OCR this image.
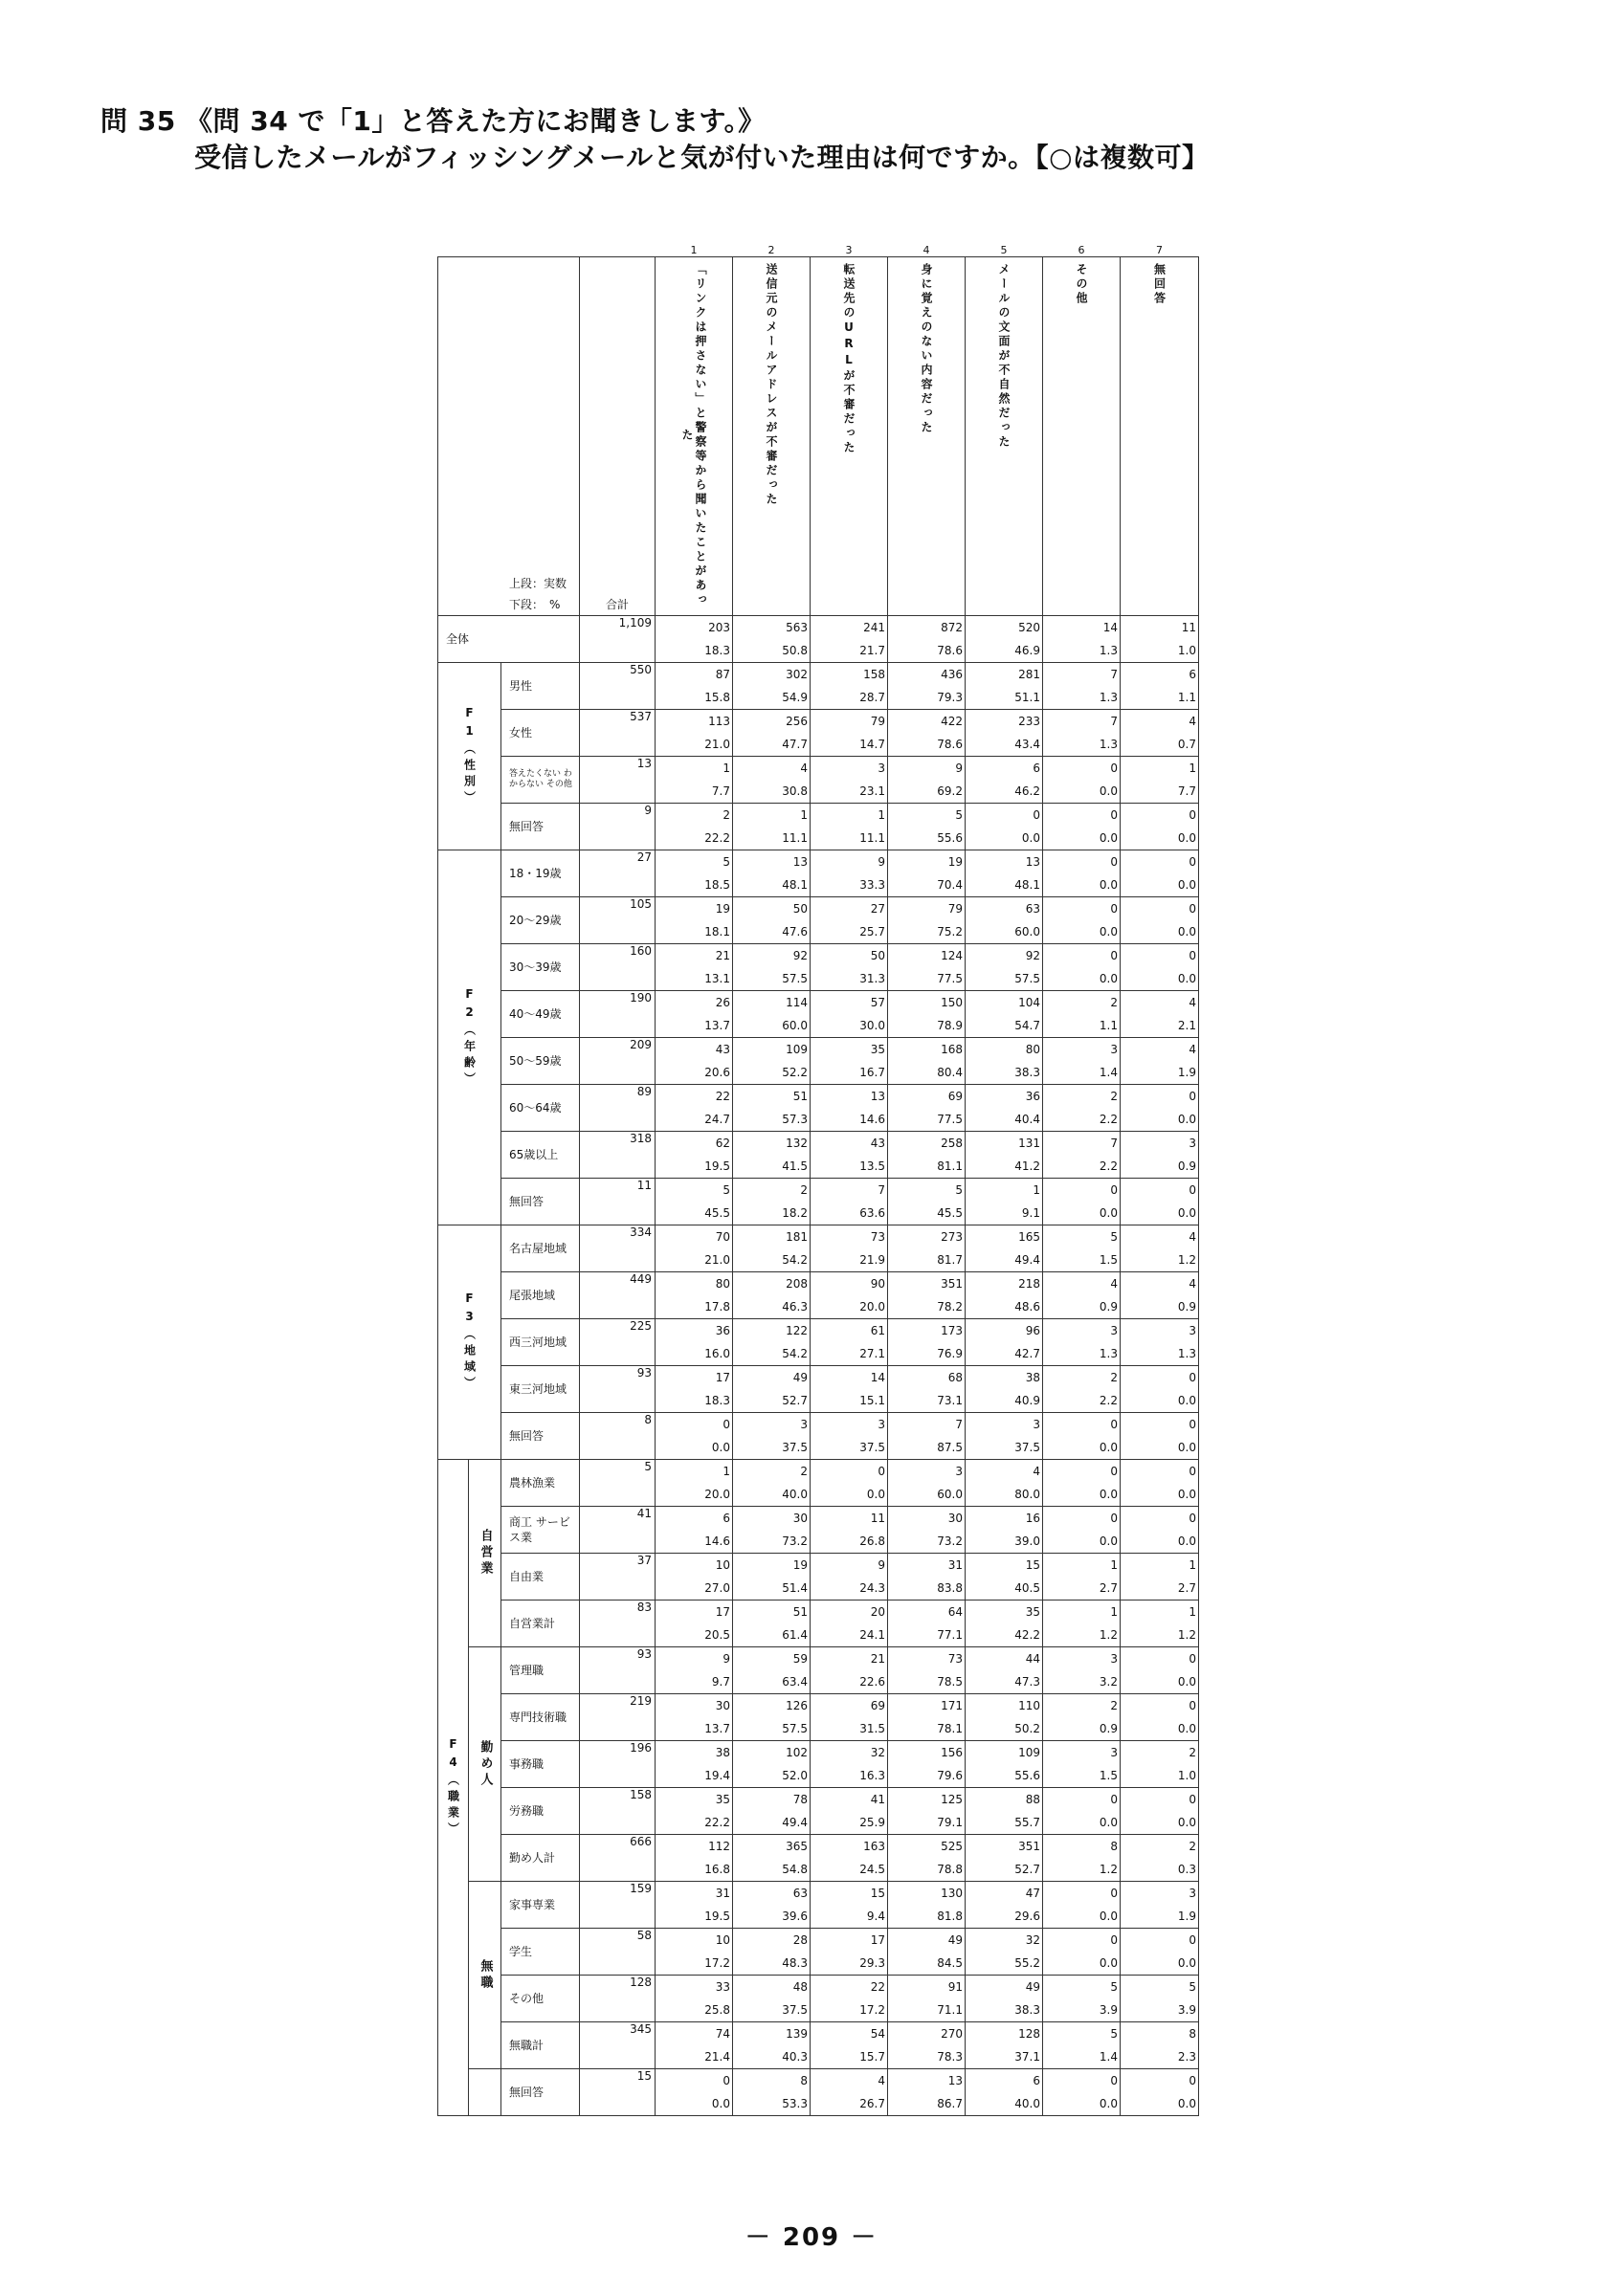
問 35 《問 34 で「1」と答えた方にお聞きします。》
受信したメールがフィッシングメールと気が付いた理由は何ですか。【○は複数可】
				1	2	3	4	5	6	7

上段：実数
下段：　%			合計	「リンクは押さない」と警察等から聞いたことがあった	送信元のメールアドレスが不審だった	転送先のURLが不審だった	身に覚えのない内容だった	メールの文面が不自然だった	その他	無回答

全体			1,109	203	563	241	872	520	14	11
				18.3	50.8	21.7	78.6	46.9	1.3	1.0

F1（性別）		男性	550	87	302	158	436	281	7	6
				15.8	54.9	28.7	79.3	51.1	1.3	1.1
		女性	537	113	256	79	422	233	7	4
				21.0	47.7	14.7	78.6	43.4	1.3	0.7
		答えたくない わからない その他	13	1	4	3	9	6	0	1
				7.7	30.8	23.1	69.2	46.2	0.0	7.7
		無回答	9	2	1	1	5	0	0	0
				22.2	11.1	11.1	55.6	0.0	0.0	0.0

F2（年齢）		18・19歳	27	5	13	9	19	13	0	0
				18.5	48.1	33.3	70.4	48.1	0.0	0.0
		20～29歳	105	19	50	27	79	63	0	0
				18.1	47.6	25.7	75.2	60.0	0.0	0.0
		30～39歳	160	21	92	50	124	92	0	0
				13.1	57.5	31.3	77.5	57.5	0.0	0.0
		40～49歳	190	26	114	57	150	104	2	4
				13.7	60.0	30.0	78.9	54.7	1.1	2.1
		50～59歳	209	43	109	35	168	80	3	4
				20.6	52.2	16.7	80.4	38.3	1.4	1.9
		60～64歳	89	22	51	13	69	36	2	0
				24.7	57.3	14.6	77.5	40.4	2.2	0.0
		65歳以上	318	62	132	43	258	131	7	3
				19.5	41.5	13.5	81.1	41.2	2.2	0.9
		無回答	11	5	2	7	5	1	0	0
				45.5	18.2	63.6	45.5	9.1	0.0	0.0

F3（地域）		名古屋地域	334	70	181	73	273	165	5	4
				21.0	54.2	21.9	81.7	49.4	1.5	1.2
		尾張地域	449	80	208	90	351	218	4	4
				17.8	46.3	20.0	78.2	48.6	0.9	0.9
		西三河地域	225	36	122	61	173	96	3	3
				16.0	54.2	27.1	76.9	42.7	1.3	1.3
		東三河地域	93	17	49	14	68	38	2	0
				18.3	52.7	15.1	73.1	40.9	2.2	0.0
		無回答	8	0	3	3	7	3	0	0
				0.0	37.5	37.5	87.5	37.5	0.0	0.0

F4（職業）	自営業	農林漁業	5	1	2	0	3	4	0	0
				20.0	40.0	0.0	60.0	80.0	0.0	0.0
		商工 サービス業	41	6	30	11	30	16	0	0
				14.6	73.2	26.8	73.2	39.0	0.0	0.0
		自由業	37	10	19	9	31	15	1	1
				27.0	51.4	24.3	83.8	40.5	2.7	2.7
		自営業計	83	17	51	20	64	35	1	1
				20.5	61.4	24.1	77.1	42.2	1.2	1.2

	勤め人	管理職	93	9	59	21	73	44	3	0
				9.7	63.4	22.6	78.5	47.3	3.2	0.0
		専門技術職	219	30	126	69	171	110	2	0
				13.7	57.5	31.5	78.1	50.2	0.9	0.0
		事務職	196	38	102	32	156	109	3	2
				19.4	52.0	16.3	79.6	55.6	1.5	1.0
		労務職	158	35	78	41	125	88	0	0
				22.2	49.4	25.9	79.1	55.7	0.0	0.0
		勤め人計	666	112	365	163	525	351	8	2
				16.8	54.8	24.5	78.8	52.7	1.2	0.3

	無職	家事専業	159	31	63	15	130	47	0	3
				19.5	39.6	9.4	81.8	29.6	0.0	1.9
		学生	58	10	28	17	49	32	0	0
				17.2	48.3	29.3	84.5	55.2	0.0	0.0
		その他	128	33	48	22	91	49	5	5
				25.8	37.5	17.2	71.1	38.3	3.9	3.9
		無職計	345	74	139	54	270	128	5	8
				21.4	40.3	15.7	78.3	37.1	1.4	2.3

		無回答	15	0	8	4	13	6	0	0
				0.0	53.3	26.7	86.7	40.0	0.0	0.0
－ 209 －
